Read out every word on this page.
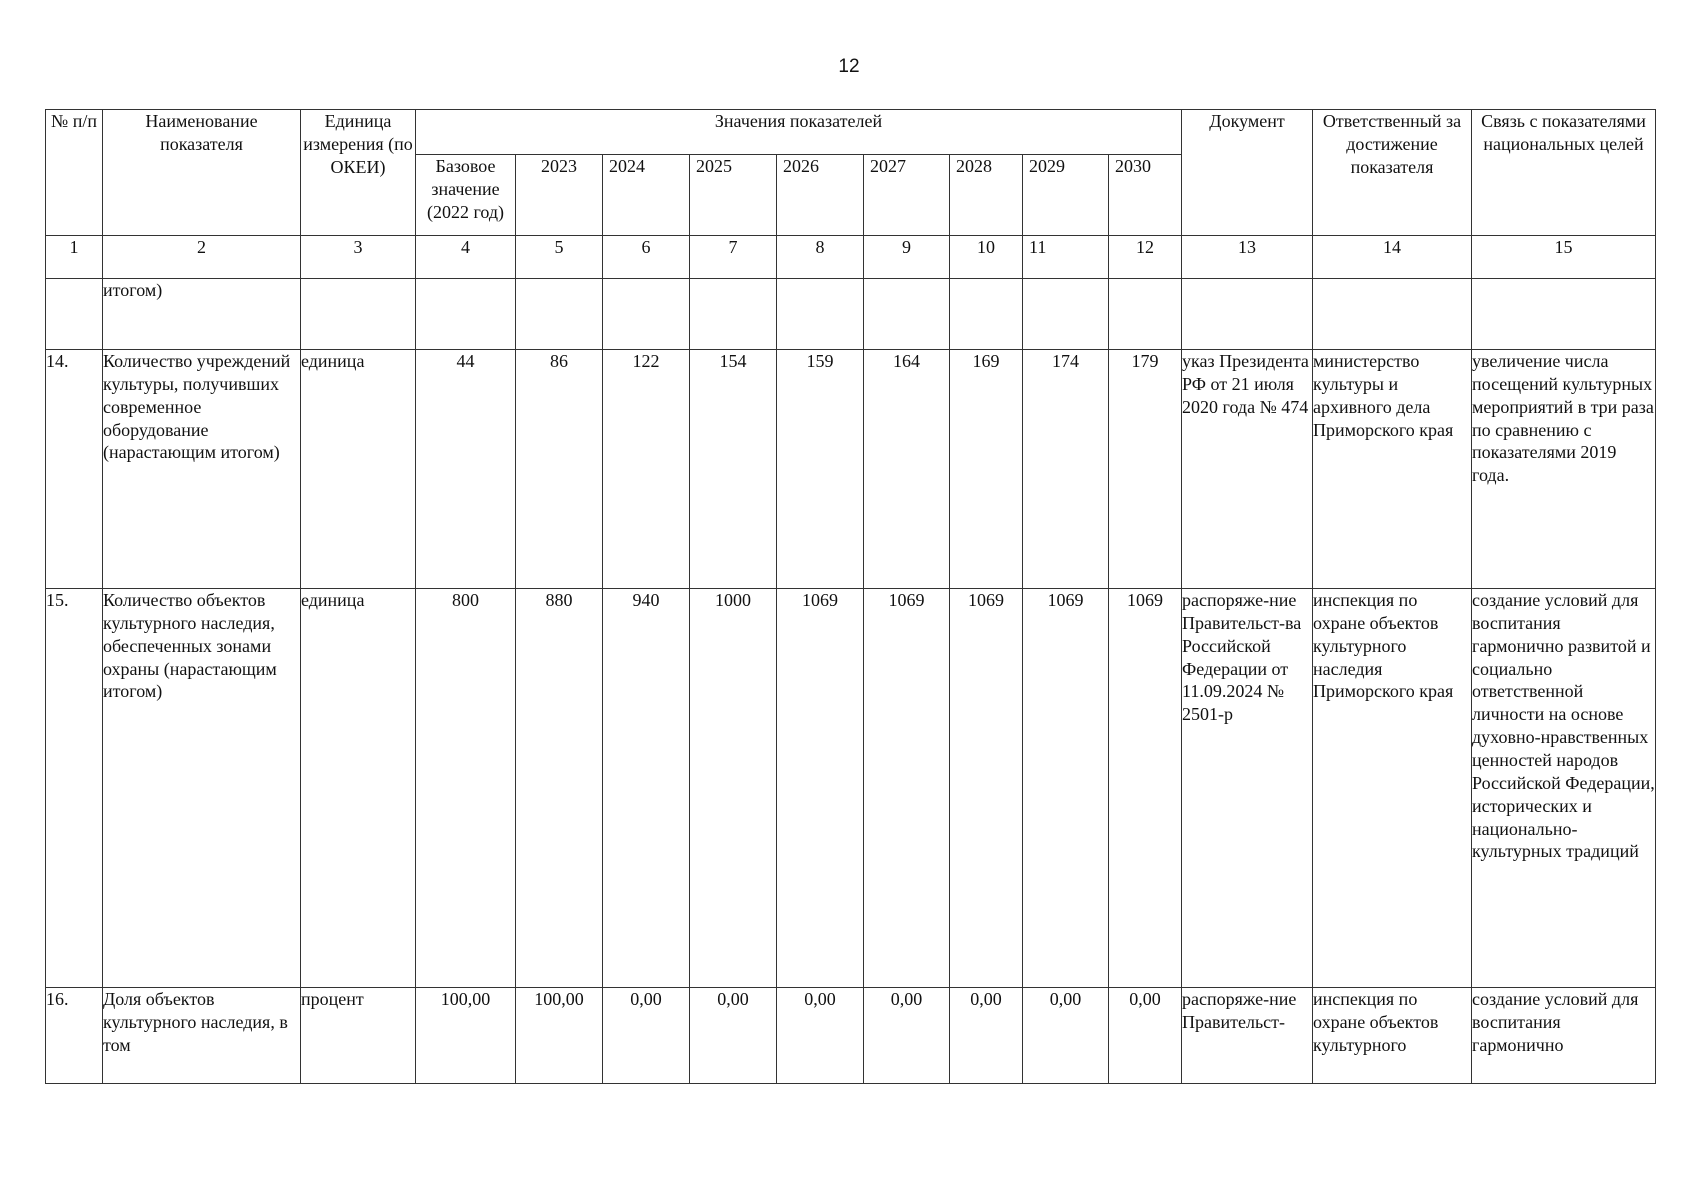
12
№ п/п	Наименование показателя	Единица измерения (по ОКЕИ)	Значения показателей									Документ	Ответственный за достижение показателя	Связь с показателями национальных целей
			Базовое значение (2022 год)	2023	2024	2025	2026	2027	2028	2029	2030			
1	2	3	4	5	6	7	8	9	10	11	12	13	14	15
	итогом)													
14.	Количество учреждений культуры, получивших современное оборудование (нарастающим итогом)	единица	44	86	122	154	159	164	169	174	179	указ Президента РФ от 21 июля 2020 года № 474	министерство культуры и архивного дела Приморского края	увеличение числа посещений культурных мероприятий в три раза по сравнению с показателями 2019 года.
15.	Количество объектов культурного наследия, обеспеченных зонами охраны (нарастающим итогом)	единица	800	880	940	1000	1069	1069	1069	1069	1069	распоряже-ние Правительст-ва Российской Федерации от 11.09.2024 № 2501-р	инспекция по охране объектов культурного наследия Приморского края	создание условий для воспитания гармонично развитой и социально ответственной личности на основе духовно-нравственных ценностей народов Российской Федерации, исторических и национально-культурных традиций
16.	Доля объектов культурного наследия, в том	процент	100,00	100,00	0,00	0,00	0,00	0,00	0,00	0,00	0,00	распоряже-ние Правительст-	инспекция по охране объектов культурного	создание условий для воспитания гармонично
